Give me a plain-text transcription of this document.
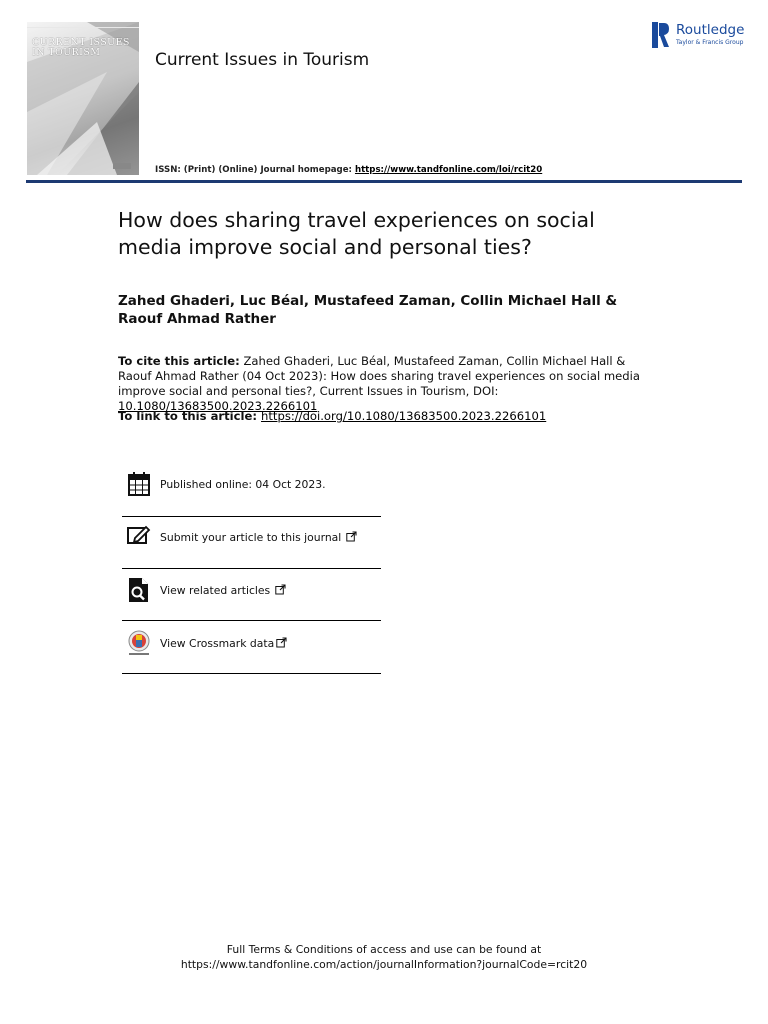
CURRENT ISSUES IN TOURISM	Current Issues in Tourism
ISSN: (Print) (Online) Journal homepage: https://www.tandfonline.com/loi/rcit20
Routledge
Taylor & Francis Group
How does sharing travel experiences on social media improve social and personal ties?
Zahed Ghaderi, Luc Béal, Mustafeed Zaman, Collin Michael Hall & Raouf Ahmad Rather
To cite this article: Zahed Ghaderi, Luc Béal, Mustafeed Zaman, Collin Michael Hall & Raouf Ahmad Rather (04 Oct 2023): How does sharing travel experiences on social media improve social and personal ties?, Current Issues in Tourism, DOI: 10.1080/13683500.2023.2266101
To link to this article: https://doi.org/10.1080/13683500.2023.2266101
Published online: 04 Oct 2023.
Submit your article to this journal
View related articles
View Crossmark data
Full Terms & Conditions of access and use can be found at
https://www.tandfonline.com/action/journalInformation?journalCode=rcit20
